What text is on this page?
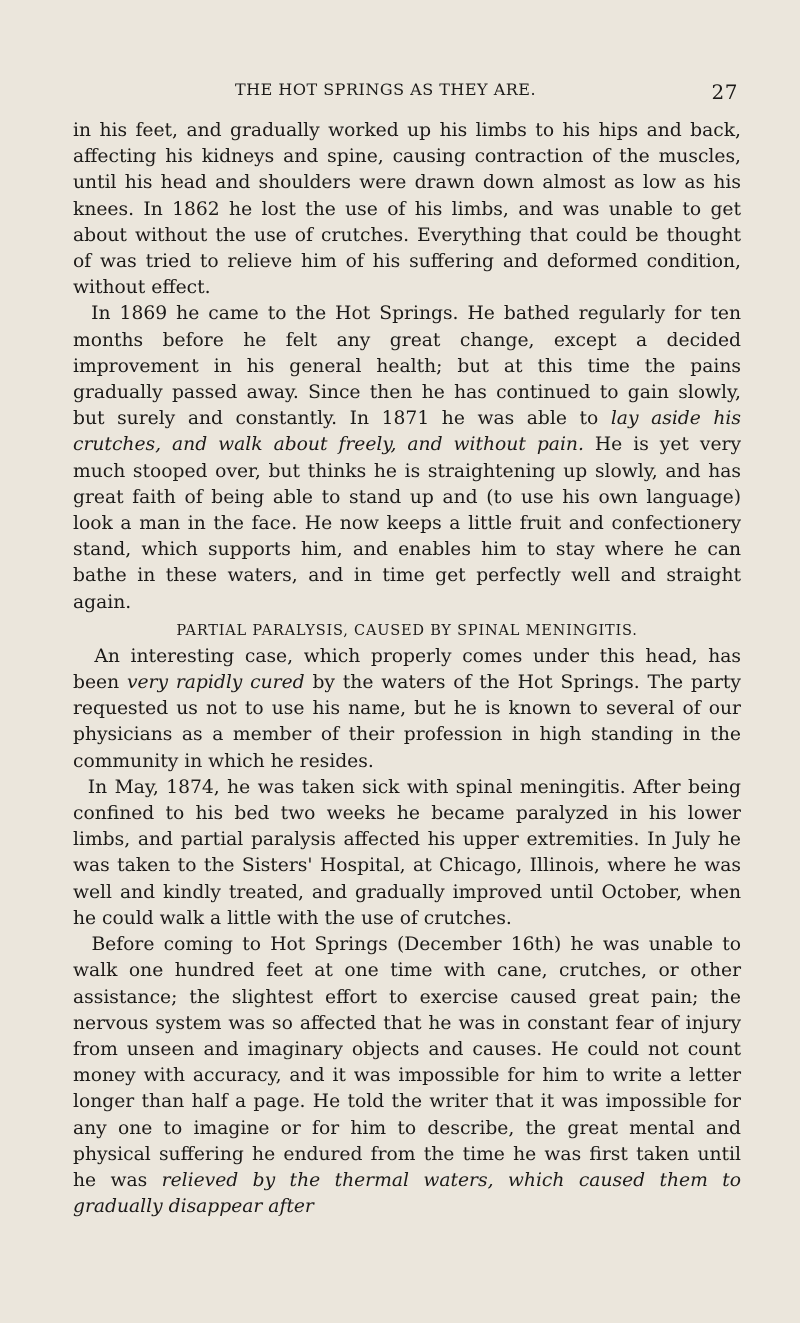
THE HOT SPRINGS AS THEY ARE.	27

in his feet, and gradually worked up his limbs to his hips and back, affecting his kidneys and spine, causing contraction of the muscles, until his head and shoulders were drawn down almost as low as his knees. In 1862 he lost the use of his limbs, and was unable to get about without the use of crutches. Everything that could be thought of was tried to relieve him of his suffering and deformed condition, without effect.

In 1869 he came to the Hot Springs. He bathed regularly for ten months before he felt any great change, except a decided improvement in his general health; but at this time the pains gradually passed away. Since then he has continued to gain slowly, but surely and constantly. In 1871 he was able to lay aside his crutches, and walk about freely, and without pain. He is yet very much stooped over, but thinks he is straightening up slowly, and has great faith of being able to stand up and (to use his own language) look a man in the face. He now keeps a little fruit and confectionery stand, which supports him, and enables him to stay where he can bathe in these waters, and in time get perfectly well and straight again.

PARTIAL PARALYSIS, CAUSED BY SPINAL MENINGITIS.

An interesting case, which properly comes under this head, has been very rapidly cured by the waters of the Hot Springs. The party requested us not to use his name, but he is known to several of our physicians as a member of their profession in high standing in the community in which he resides.

In May, 1874, he was taken sick with spinal meningitis. After being confined to his bed two weeks he became paralyzed in his lower limbs, and partial paralysis affected his upper extremities. In July he was taken to the Sisters' Hospital, at Chicago, Illinois, where he was well and kindly treated, and gradually improved until October, when he could walk a little with the use of crutches.

Before coming to Hot Springs (December 16th) he was unable to walk one hundred feet at one time with cane, crutches, or other assistance; the slightest effort to exercise caused great pain; the nervous system was so affected that he was in constant fear of injury from unseen and imaginary objects and causes. He could not count money with accuracy, and it was impossible for him to write a letter longer than half a page. He told the writer that it was impossible for any one to imagine or for him to describe, the great mental and physical suffering he endured from the time he was first taken until he was relieved by the thermal waters, which caused them to gradually disappear after
